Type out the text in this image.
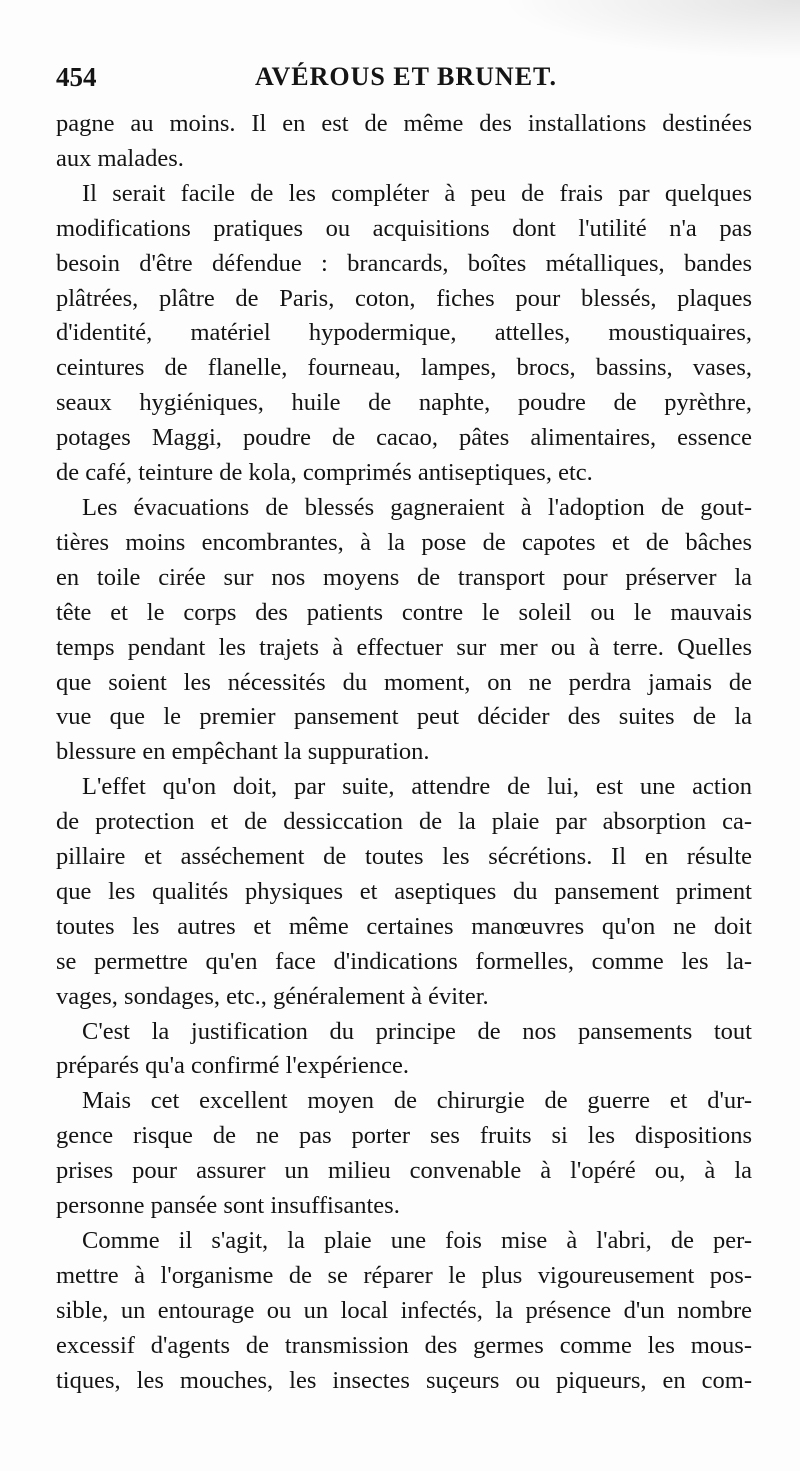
454	AVÉROUS ET BRUNET.
pagne au moins. Il en est de même des installations destinées
aux malades.
Il serait facile de les compléter à peu de frais par quelques
modifications pratiques ou acquisitions dont l'utilité n'a pas
besoin d'être défendue : brancards, boîtes métalliques, bandes
plâtrées, plâtre de Paris, coton, fiches pour blessés, plaques
d'identité, matériel hypodermique, attelles, moustiquaires,
ceintures de flanelle, fourneau, lampes, brocs, bassins, vases,
seaux hygiéniques, huile de naphte, poudre de pyrèthre,
potages Maggi, poudre de cacao, pâtes alimentaires, essence
de café, teinture de kola, comprimés antiseptiques, etc.
Les évacuations de blessés gagneraient à l'adoption de gout-
tières moins encombrantes, à la pose de capotes et de bâches
en toile cirée sur nos moyens de transport pour préserver la
tête et le corps des patients contre le soleil ou le mauvais
temps pendant les trajets à effectuer sur mer ou à terre. Quelles
que soient les nécessités du moment, on ne perdra jamais de
vue que le premier pansement peut décider des suites de la
blessure en empêchant la suppuration.
L'effet qu'on doit, par suite, attendre de lui, est une action
de protection et de dessiccation de la plaie par absorption ca-
pillaire et asséchement de toutes les sécrétions. Il en résulte
que les qualités physiques et aseptiques du pansement priment
toutes les autres et même certaines manœuvres qu'on ne doit
se permettre qu'en face d'indications formelles, comme les la-
vages, sondages, etc., généralement à éviter.
C'est la justification du principe de nos pansements tout
préparés qu'a confirmé l'expérience.
Mais cet excellent moyen de chirurgie de guerre et d'ur-
gence risque de ne pas porter ses fruits si les dispositions
prises pour assurer un milieu convenable à l'opéré ou, à la
personne pansée sont insuffisantes.
Comme il s'agit, la plaie une fois mise à l'abri, de per-
mettre à l'organisme de se réparer le plus vigoureusement pos-
sible, un entourage ou un local infectés, la présence d'un nombre
excessif d'agents de transmission des germes comme les mous-
tiques, les mouches, les insectes suçeurs ou piqueurs, en com-
